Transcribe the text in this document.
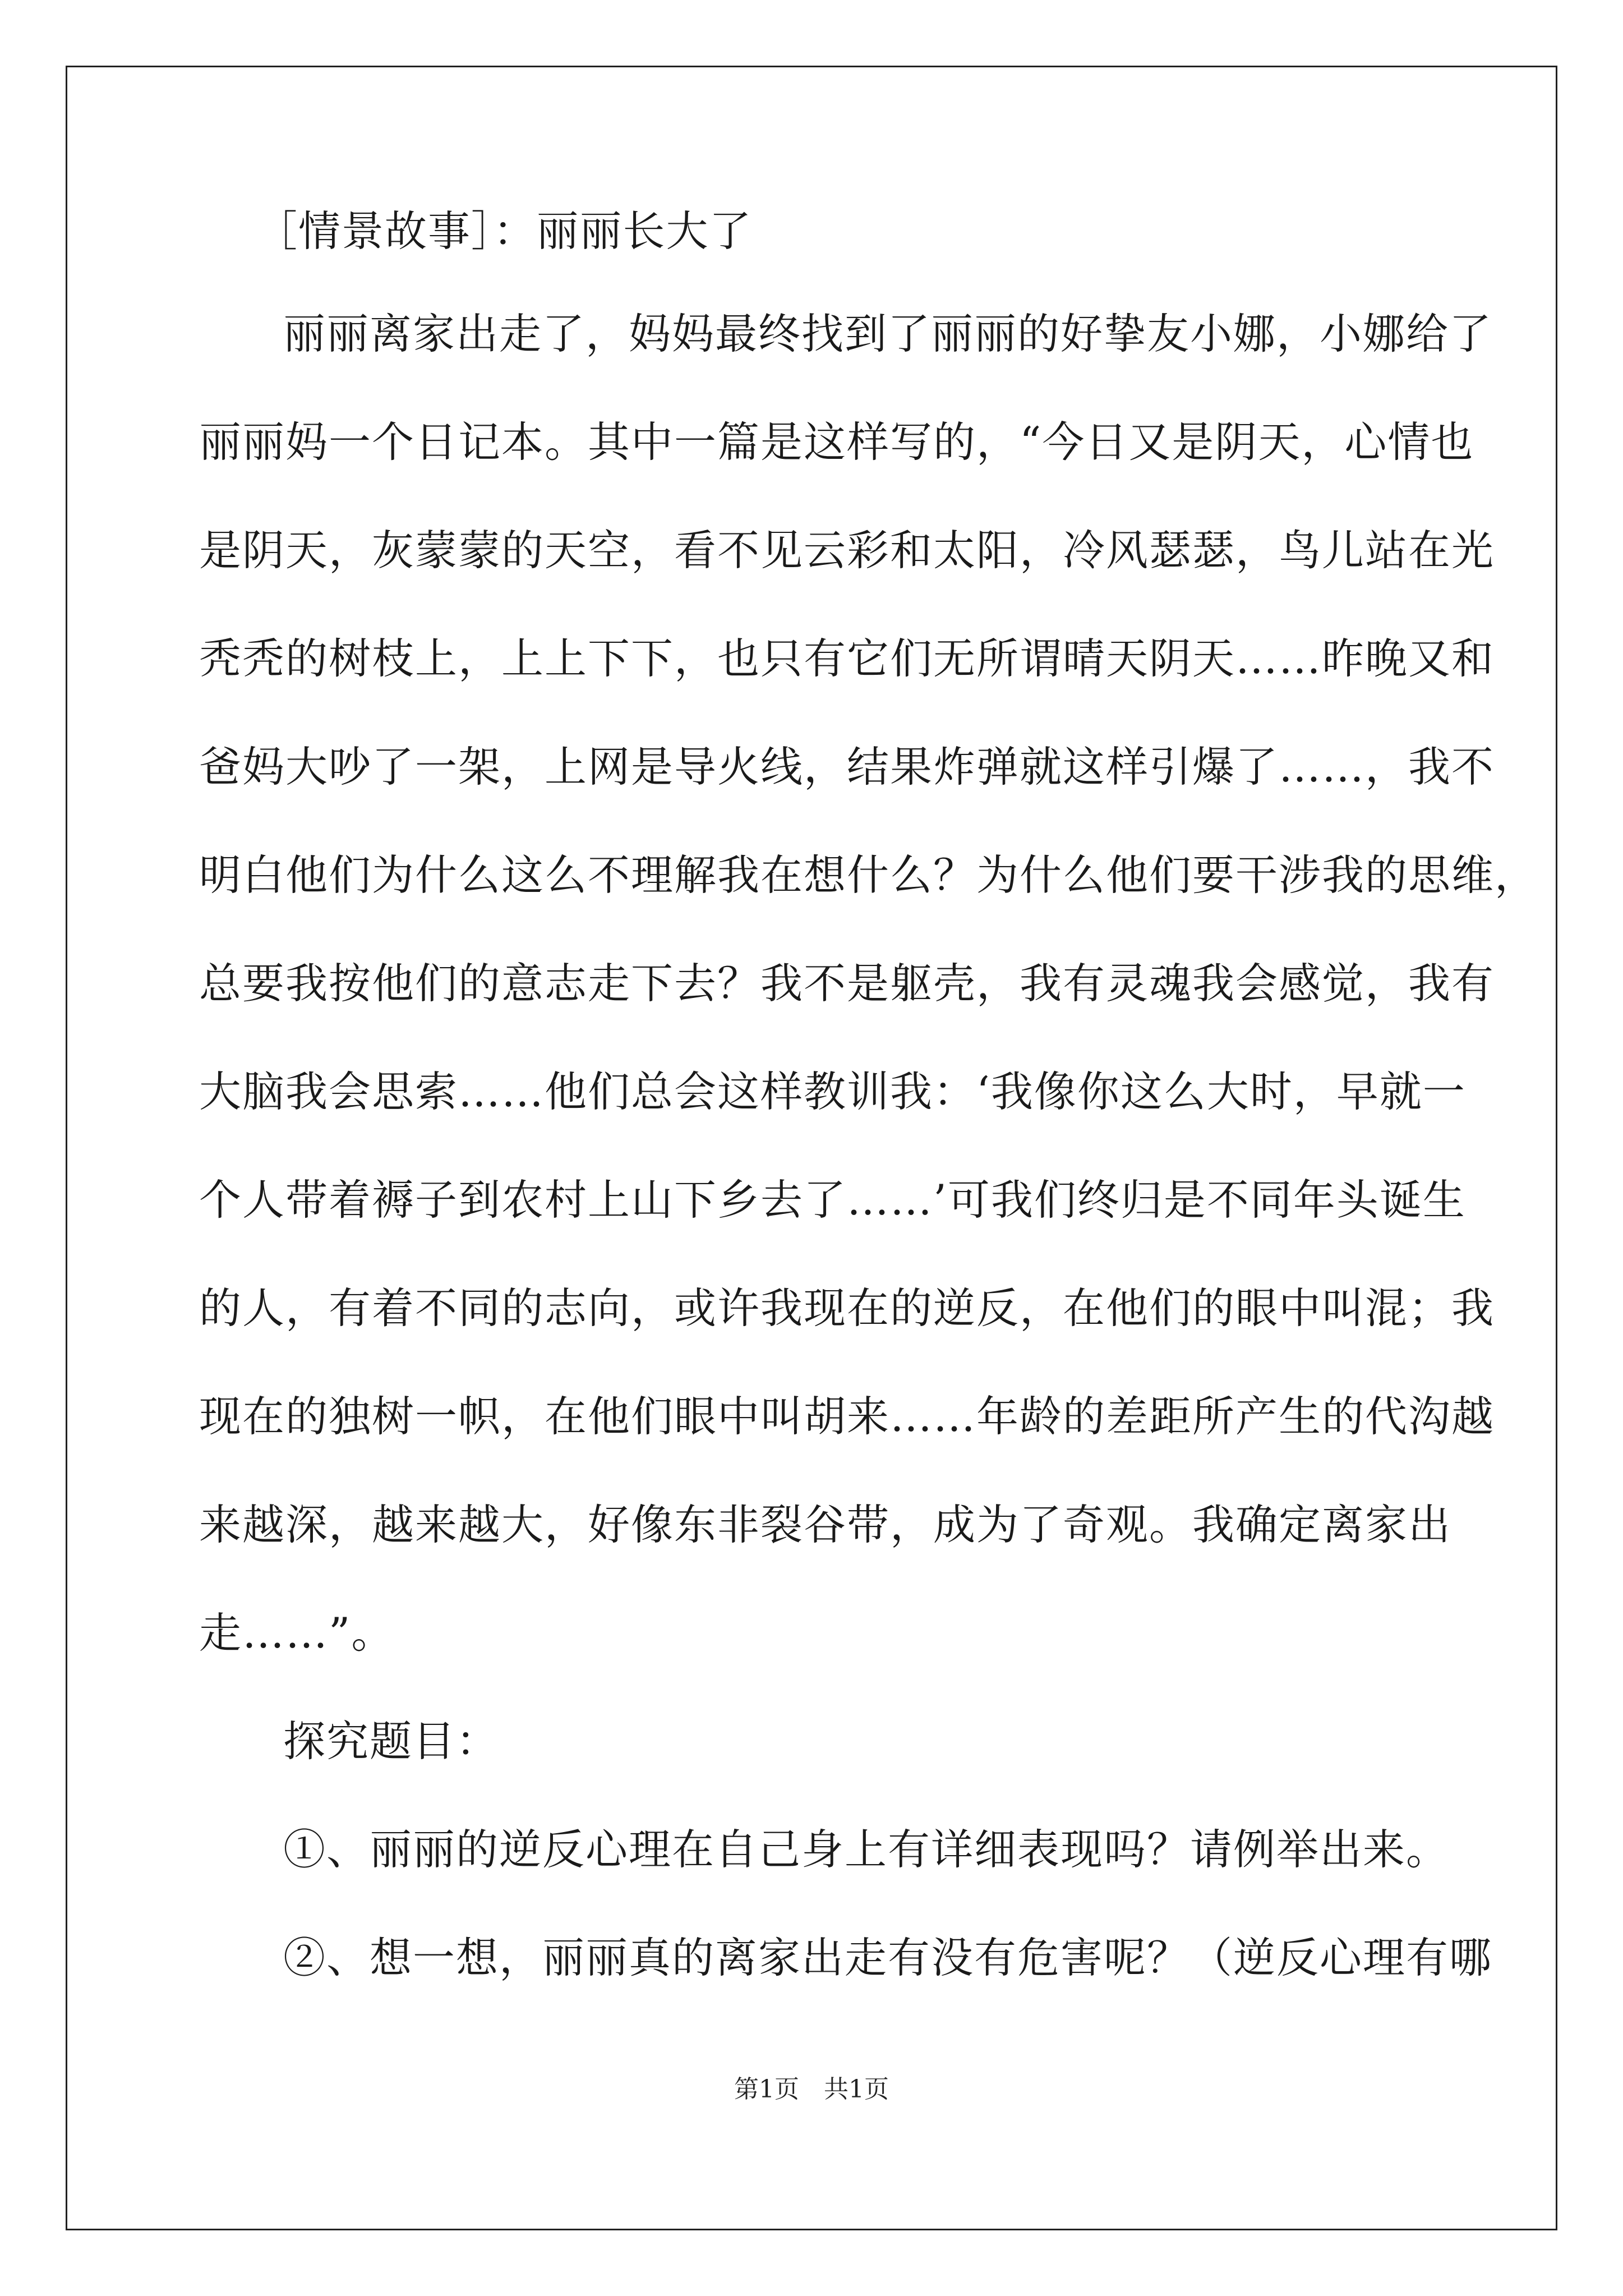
［情景故事］：丽丽长大了
丽丽离家出走了，妈妈最终找到了丽丽的好挚友小娜，小娜给了
丽丽妈一个日记本。其中一篇是这样写的，“今日又是阴天，心情也
是阴天，灰蒙蒙的天空，看不见云彩和太阳，冷风瑟瑟，鸟儿站在光
秃秃的树枝上，上上下下，也只有它们无所谓晴天阴天……昨晚又和
爸妈大吵了一架，上网是导火线，结果炸弹就这样引爆了……，我不
明白他们为什么这么不理解我在想什么？为什么他们要干涉我的思维，
总要我按他们的意志走下去？我不是躯壳，我有灵魂我会感觉，我有
大脑我会思索……他们总会这样教训我：‘我像你这么大时，早就一
个人带着褥子到农村上山下乡去了……’可我们终归是不同年头诞生
的人，有着不同的志向，或许我现在的逆反，在他们的眼中叫混；我
现在的独树一帜，在他们眼中叫胡来……年龄的差距所产生的代沟越
来越深，越来越大，好像东非裂谷带，成为了奇观。我确定离家出
走……”。
探究题目：
①、丽丽的逆反心理在自己身上有详细表现吗？请例举出来。
②、想一想，丽丽真的离家出走有没有危害呢？（逆反心理有哪
第1页　共1页
